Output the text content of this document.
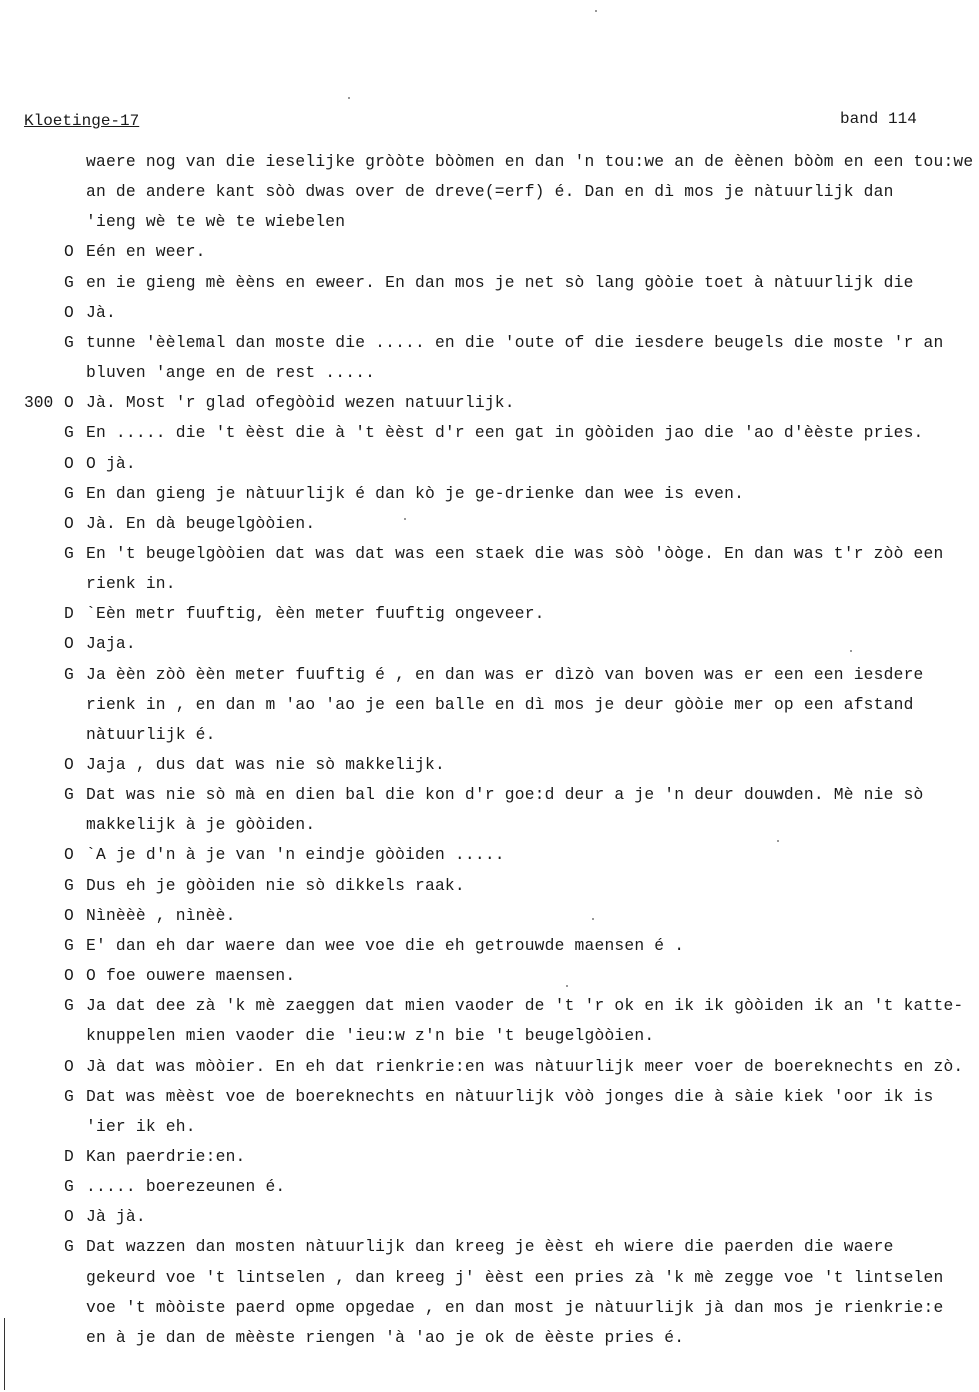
Kloetinge-17	band 114
300
waere nog van die ieselijke gròòte bòòmen en dan 'n tou:we an de èènen bòòm en een tou:we
an de andere kant sòò dwas over de dreve(=erf) é. Dan en dì mos je nàtuurlijk dan
'ieng wè te wè te wiebelen
O Eén en weer.
G en ie gieng mè èèns en eweer. En dan mos je net sò lang gòòie toet à nàtuurlijk die
O Jà.
G tunne 'èèlemal dan moste die ..... en die 'oute of die iesdere beugels die moste 'r an
bluven 'ange en de rest .....
O Jà. Most 'r glad ofegòòid wezen natuurlijk.
G En ..... die 't èèst die à 't èèst d'r een gat in gòòiden jao die 'ao d'èèste pries.
O O jà.
G En dan gieng je nàtuurlijk é dan kò je ge-drienke dan wee is even.
O Jà. En dà beugelgòòien.
G En 't beugelgòòien dat was dat was een staek die was sòò 'òòge. En dan was t'r zòò een
rienk in.
D `Eèn metr fuuftig, èèn meter fuuftig ongeveer.
O Jaja.
G Ja èèn zòò èèn meter fuuftig é , en dan was er dìzò van boven was er een een iesdere
rienk in , en dan m 'ao 'ao je een balle en dì mos je deur gòòie mer op een afstand
nàtuurlijk é.
O Jaja , dus dat was nie sò makkelijk.
G Dat was nie sò mà en dien bal die kon d'r goe:d deur a je 'n deur douwden. Mè nie sò
makkelijk à je gòòiden.
O `A je d'n à je van 'n eindje gòòiden .....
G Dus eh je gòòiden nie sò dikkels raak.
O Nìnèèè , nìnèè.
G E' dan eh dar waere dan wee voe die eh getrouwde maensen é .
O O foe ouwere maensen.
G Ja dat dee zà 'k mè zaeggen dat mien vaoder de 't 'r ok en ik ik gòòiden ik an 't katte-
knuppelen mien vaoder die 'ieu:w z'n bie 't beugelgòòien.
O Jà dat was mòòier. En eh dat rienkrie:en was nàtuurlijk meer voer de boereknechts en zò.
G Dat was mèèst voe de boereknechts en nàtuurlijk vòò jonges die à sàie kiek 'oor ik is
'ier ik eh.
D Kan paerdrie:en.
G ..... boerezeunen é.
O Jà jà.
G Dat wazzen dan mosten nàtuurlijk dan kreeg je èèst eh wiere die paerden die waere
gekeurd voe 't lintselen , dan kreeg j' èèst een pries zà 'k mè zegge voe 't lintselen
voe 't mòòiste paerd opme opgedae , en dan most je nàtuurlijk jà dan mos je rienkrie:e
en à je dan de mèèste riengen 'à 'ao je ok de èèste pries é.
